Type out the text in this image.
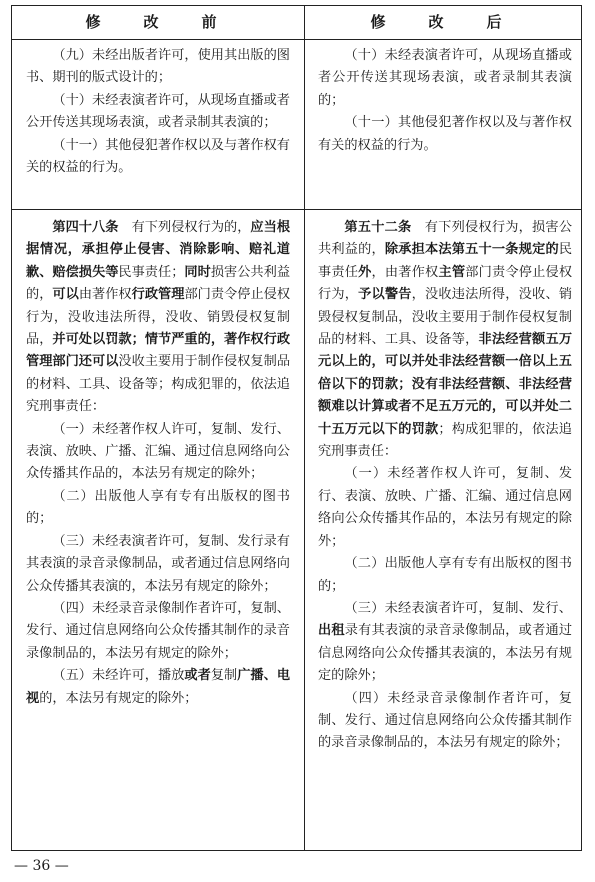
修　改　前	修　改　后

（九）未经出版者许可，使用其出版的图书、期刊的版式设计的；

（十）未经表演者许可，从现场直播或者公开传送其现场表演，或者录制其表演的；

（十一）其他侵犯著作权以及与著作权有关的权益的行为。

（十）未经表演者许可，从现场直播或者公开传送其现场表演，或者录制其表演的；

（十一）其他侵犯著作权以及与著作权有关的权益的行为。

第四十八条　有下列侵权行为的，应当根据情况，承担停止侵害、消除影响、赔礼道歉、赔偿损失等民事责任；同时损害公共利益的，可以由著作权行政管理部门责令停止侵权行为，没收违法所得，没收、销毁侵权复制品，并可处以罚款；情节严重的，著作权行政管理部门还可以没收主要用于制作侵权复制品的材料、工具、设备等；构成犯罪的，依法追究刑事责任：

（一）未经著作权人许可，复制、发行、表演、放映、广播、汇编、通过信息网络向公众传播其作品的，本法另有规定的除外；

（二）出版他人享有专有出版权的图书的；

（三）未经表演者许可，复制、发行录有其表演的录音录像制品，或者通过信息网络向公众传播其表演的，本法另有规定的除外；

（四）未经录音录像制作者许可，复制、发行、通过信息网络向公众传播其制作的录音录像制品的，本法另有规定的除外；

（五）未经许可，播放或者复制广播、电视的，本法另有规定的除外；

第五十二条　有下列侵权行为，损害公共利益的，除承担本法第五十一条规定的民事责任外，由著作权主管部门责令停止侵权行为，予以警告，没收违法所得，没收、销毁侵权复制品，没收主要用于制作侵权复制品的材料、工具、设备等，非法经营额五万元以上的，可以并处非法经营额一倍以上五倍以下的罚款；没有非法经营额、非法经营额难以计算或者不足五万元的，可以并处二十五万元以下的罚款；构成犯罪的，依法追究刑事责任：

（一）未经著作权人许可，复制、发行、表演、放映、广播、汇编、通过信息网络向公众传播其作品的，本法另有规定的除外；

（二）出版他人享有专有出版权的图书的；

（三）未经表演者许可，复制、发行、出租录有其表演的录音录像制品，或者通过信息网络向公众传播其表演的，本法另有规定的除外；

（四）未经录音录像制作者许可，复制、发行、通过信息网络向公众传播其制作的录音录像制品的，本法另有规定的除外；

— 36 —
